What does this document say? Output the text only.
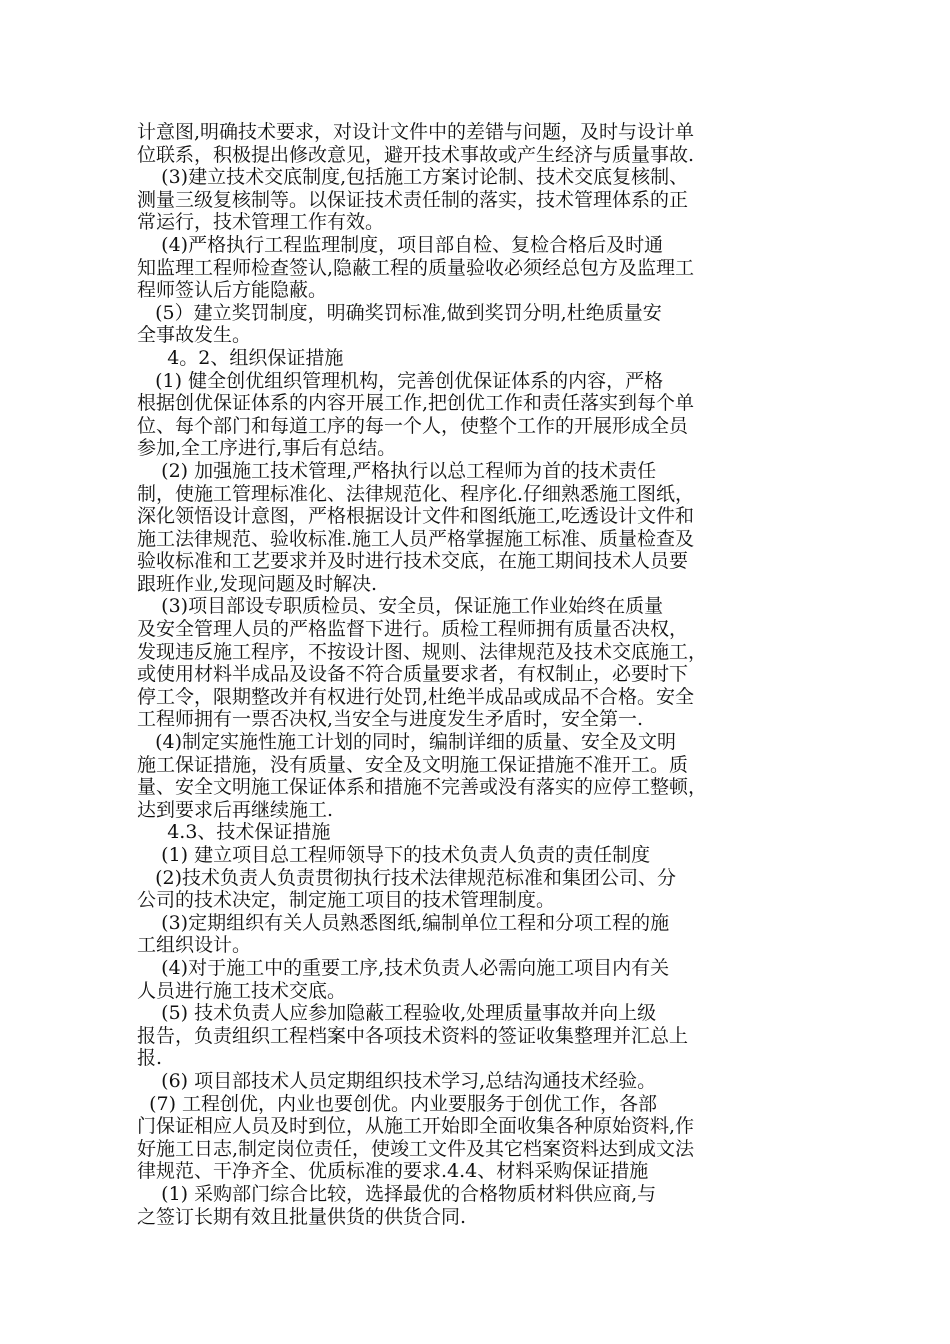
计意图,明确技术要求，对设计文件中的差错与问题，及时与设计单
位联系，积极提出修改意见，避开技术事故或产生经济与质量事故.
(3)建立技术交底制度,包括施工方案讨论制、技术交底复核制、
测量三级复核制等。以保证技术责任制的落实，技术管理体系的正
常运行，技术管理工作有效。
(4)严格执行工程监理制度，项目部自检、复检合格后及时通
知监理工程师检查签认,隐蔽工程的质量验收必须经总包方及监理工
程师签认后方能隐蔽。
(5）建立奖罚制度，明确奖罚标准,做到奖罚分明,杜绝质量安
全事故发生。
4。2、组织保证措施
(1) 健全创优组织管理机构，完善创优保证体系的内容，严格
根据创优保证体系的内容开展工作,把创优工作和责任落实到每个单
位、每个部门和每道工序的每一个人，使整个工作的开展形成全员
参加,全工序进行,事后有总结。
(2) 加强施工技术管理,严格执行以总工程师为首的技术责任
制，使施工管理标准化、法律规范化、程序化.仔细熟悉施工图纸，
深化领悟设计意图，严格根据设计文件和图纸施工,吃透设计文件和
施工法律规范、验收标准.施工人员严格掌握施工标准、质量检查及
验收标准和工艺要求并及时进行技术交底，在施工期间技术人员要
跟班作业,发现问题及时解决.
(3)项目部设专职质检员、安全员，保证施工作业始终在质量
及安全管理人员的严格监督下进行。质检工程师拥有质量否决权，
发现违反施工程序，不按设计图、规则、法律规范及技术交底施工，
或使用材料半成品及设备不符合质量要求者，有权制止，必要时下
停工令，限期整改并有权进行处罚,杜绝半成品或成品不合格。安全
工程师拥有一票否决权,当安全与进度发生矛盾时，安全第一.
(4)制定实施性施工计划的同时，编制详细的质量、安全及文明
施工保证措施，没有质量、安全及文明施工保证措施不准开工。质
量、安全文明施工保证体系和措施不完善或没有落实的应停工整顿，
达到要求后再继续施工.
4.3、技术保证措施
(1) 建立项目总工程师领导下的技术负责人负责的责任制度
(2)技术负责人负责贯彻执行技术法律规范标准和集团公司、分
公司的技术决定，制定施工项目的技术管理制度。
(3)定期组织有关人员熟悉图纸,编制单位工程和分项工程的施
工组织设计。
(4)对于施工中的重要工序,技术负责人必需向施工项目内有关
人员进行施工技术交底。
(5) 技术负责人应参加隐蔽工程验收,处理质量事故并向上级
报告，负责组织工程档案中各项技术资料的签证收集整理并汇总上
报.
(6) 项目部技术人员定期组织技术学习,总结沟通技术经验。
(7) 工程创优，内业也要创优。内业要服务于创优工作，各部
门保证相应人员及时到位，从施工开始即全面收集各种原始资料,作
好施工日志,制定岗位责任，使竣工文件及其它档案资料达到成文法
律规范、干净齐全、优质标准的要求.4.4、材料采购保证措施
(1) 采购部门综合比较，选择最优的合格物质材料供应商,与
之签订长期有效且批量供货的供货合同.
